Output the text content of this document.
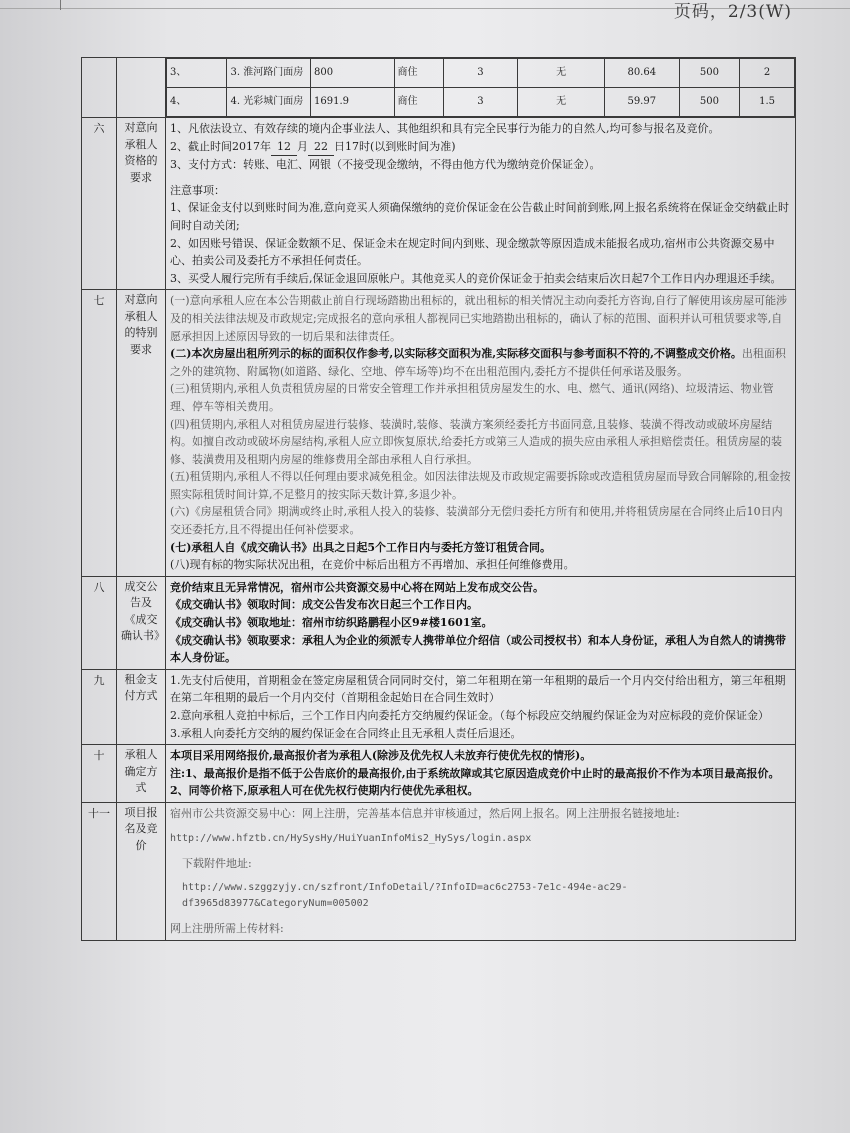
页码，2/3(W)

3、	3. 淮河路门面房	800	商住	3	无	80.64	500	2
4、	4. 光彩城门面房	1691.9	商住	3	无	59.97	500	1.5

六	对意向承租人资格的要求	

1、凡依法设立、有效存续的境内企事业法人、其他组织和具有完全民事行为能力的自然人,均可参与报名及竞价。

2、截止时间2017年 12 月 22 日17时(以到账时间为准)

3、支付方式：转账、电汇、网银（不接受现金缴纳，不得由他方代为缴纳竞价保证金）。

注意事项：

1、保证金支付以到账时间为准,意向竞买人须确保缴纳的竞价保证金在公告截止时间前到账,网上报名系统将在保证金交纳截止时间时自动关闭;

2、如因账号错误、保证金数额不足、保证金未在规定时间内到账、现金缴款等原因造成未能报名成功,宿州市公共资源交易中心、拍卖公司及委托方不承担任何责任。

3、买受人履行完所有手续后,保证金退回原帐户。其他竞买人的竞价保证金于拍卖会结束后次日起7个工作日内办理退还手续。

七	对意向承租人的特别要求	

(一)意向承租人应在本公告期截止前自行现场踏勘出租标的，就出租标的相关情况主动向委托方咨询,自行了解使用该房屋可能涉及的相关法律法规及市政规定;完成报名的意向承租人都视同已实地踏勘出租标的，确认了标的范围、面积并认可租赁要求等,自愿承担因上述原因导致的一切后果和法律责任。

(二)本次房屋出租所列示的标的面积仅作参考,以实际移交面积为准,实际移交面积与参考面积不符的,不调整成交价格。出租面积之外的建筑物、附属物(如道路、绿化、空地、停车场等)均不在出租范围内,委托方不提供任何承诺及服务。

(三)租赁期内,承租人负责租赁房屋的日常安全管理工作并承担租赁房屋发生的水、电、燃气、通讯(网络)、垃圾清运、物业管理、停车等相关费用。

(四)租赁期内,承租人对租赁房屋进行装修、装潢时,装修、装潢方案须经委托方书面同意,且装修、装潢不得改动或破坏房屋结构。如擅自改动或破坏房屋结构,承租人应立即恢复原状,给委托方或第三人造成的损失应由承租人承担赔偿责任。租赁房屋的装修、装潢费用及租期内房屋的维修费用全部由承租人自行承担。

(五)租赁期内,承租人不得以任何理由要求减免租金。如因法律法规及市政规定需要拆除或改造租赁房屋而导致合同解除的,租金按照实际租赁时间计算,不足整月的按实际天数计算,多退少补。

(六)《房屋租赁合同》期满或终止时,承租人投入的装修、装潢部分无偿归委托方所有和使用,并将租赁房屋在合同终止后10日内交还委托方,且不得提出任何补偿要求。

(七)承租人自《成交确认书》出具之日起5个工作日内与委托方签订租赁合同。

(八)现有标的物实际状况出租，在竞价中标后出租方不再增加、承担任何维修费用。

八	成交公告及《成交确认书》	

竞价结束且无异常情况，宿州市公共资源交易中心将在网站上发布成交公告。

《成交确认书》领取时间：成交公告发布次日起三个工作日内。

《成交确认书》领取地址：宿州市纺织路鹏程小区9#楼1601室。

《成交确认书》领取要求：承租人为企业的须派专人携带单位介绍信（或公司授权书）和本人身份证，承租人为自然人的请携带本人身份证。

九	租金支付方式	

1.先支付后使用，首期租金在签定房屋租赁合同同时交付，第二年租期在第一年租期的最后一个月内交付给出租方，第三年租期在第二年租期的最后一个月内交付（首期租金起始日在合同生效时）

2.意向承租人竞拍中标后，三个工作日内向委托方交纳履约保证金。（每个标段应交纳履约保证金为对应标段的竞价保证金）

3.承租人向委托方交纳的履约保证金在合同终止且无承租人责任后退还。

十	承租人确定方式	

本项目采用网络报价,最高报价者为承租人(除涉及优先权人未放弃行使优先权的情形)。

注:1、最高报价是指不低于公告底价的最高报价,由于系统故障或其它原因造成竞价中止时的最高报价不作为本项目最高报价。

2、同等价格下,原承租人可在优先权行使期内行使优先承租权。

十一	项目报名及竞价	

宿州市公共资源交易中心：网上注册，完善基本信息并审核通过，然后网上报名。网上注册报名链接地址:

http://www.hfztb.cn/HySysHy/HuiYuanInfoMis2_HySys/login.aspx

下载附件地址:

http://www.szggzyjy.cn/szfront/InfoDetail/?InfoID=ac6c2753-7e1c-494e-ac29-df3965d83977&CategoryNum=005002

网上注册所需上传材料:
